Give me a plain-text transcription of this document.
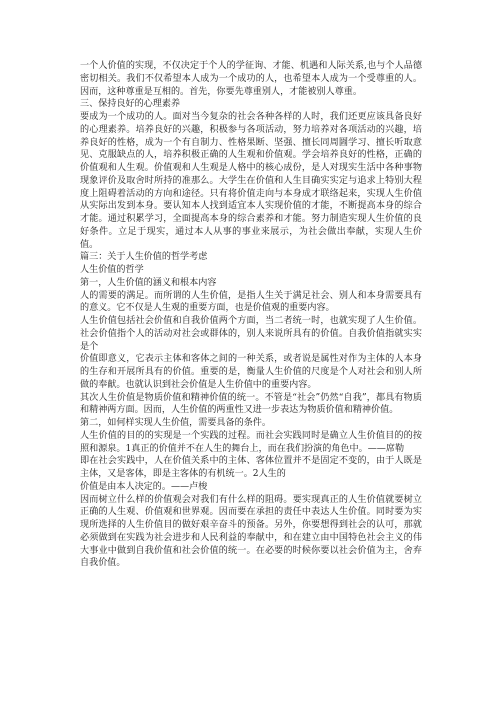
一个人价值的实现，不仅决定于个人的学征询、才能、机遇和人际关系,也与个人品德密切相关。我们不仅希望本人成为一个成功的人，也希望本人成为一个受尊重的人。因而，这种尊重是互相的。首先，你要先尊重别人，才能被别人尊重。

三、保持良好的心理素养

要成为一个成功的人。面对当今复杂的社会各种各样的人时，我们还更应该具备良好的心理素养。培养良好的兴趣，积极参与各项活动，努力培养对各项活动的兴趣，培养良好的性格，成为一个有自制力、性格果断、坚强、擅长同周圌学习、擅长听取意见、克服缺点的人，培养积极正确的人生观和价值观。学会培养良好的性格，正确的价值观和人生观。价值观和人生观是人格中的核心成份，是人对现实生活中各种事物现象评价及取舍时所持的准那么。大学生在价值和人生目确实实定与追求上特别大程度上阻碍着活动的方向和途径。只有将价值走向与本身成才联络起来，实现人生价值从实际出发到本身。要认知本人找到适宜本人实现价值的才能，不断提高本身的综合才能。通过积累学习，全面提高本身的综合素养和才能。努力制造实现人生价值的良好条件。立足于现实，通过本人从事的事业来展示，为社会做出奉献，实现人生价值。

篇三：关于人生价值的哲学考虑

人生价值的哲学

第一，人生价值的涵义和根本内容

人的需要的满足。而所谓的人生价值，是指人生关于满足社会、别人和本身需要具有的意义。它不仅是人生观的重要方面，也是价值观的重要内容。

人生价值包括社会价值和自我价值两个方面，当二者统一时，也就实现了人生价值。社会价值指个人的活动对社会或群体的，别人来说所具有的价值。自我价值指就实实是个

价值即意义，它表示主体和客体之间的一种关系，或者说是属性对作为主体的人本身的生存和开展所具有的价值。重要的是，衡量人生价值的尺度是个人对社会和别人所做的奉献。也就认识到社会价值是人生价值中的重要内容。

其次人生价值是物质价值和精神价值的统一。不管是“社会”仍然“自我”，都具有物质和精神两方面。因而，人生价值的两重性又进一步表达为物质价值和精神价值。

第二，如何样实现人生价值，需要具备的条件。

人生价值的目的的实现是一个实践的过程。而社会实践同时是确立人生价值目的的按照和源泉。1真正的价值并不在人生的舞台上，而在我们扮演的角色中。——席勒

即在社会实践中，人在价值关系中的主体、客体位置并不是固定不变的，由于人既是主体，又是客体，即是主客体的有机统一。2人生的

价值是由本人决定的。——卢梭

因而树立什么样的价值观会对我们有什么样的阻碍。要实现真正的人生价值就要树立正确的人生观、价值观和世界观。因而要在承担的责任中表达人生价值。同时要为实现所选择的人生价值目的做好艰辛奋斗的预备。另外，你要想得到社会的认可，那就必须做到在实践为社会进步和人民利益的奉献中，和在建立由中国特色社会主义的伟大事业中做到自我价值和社会价值的统一。在必要的时候你要以社会价值为主，舍弃自我价值。
